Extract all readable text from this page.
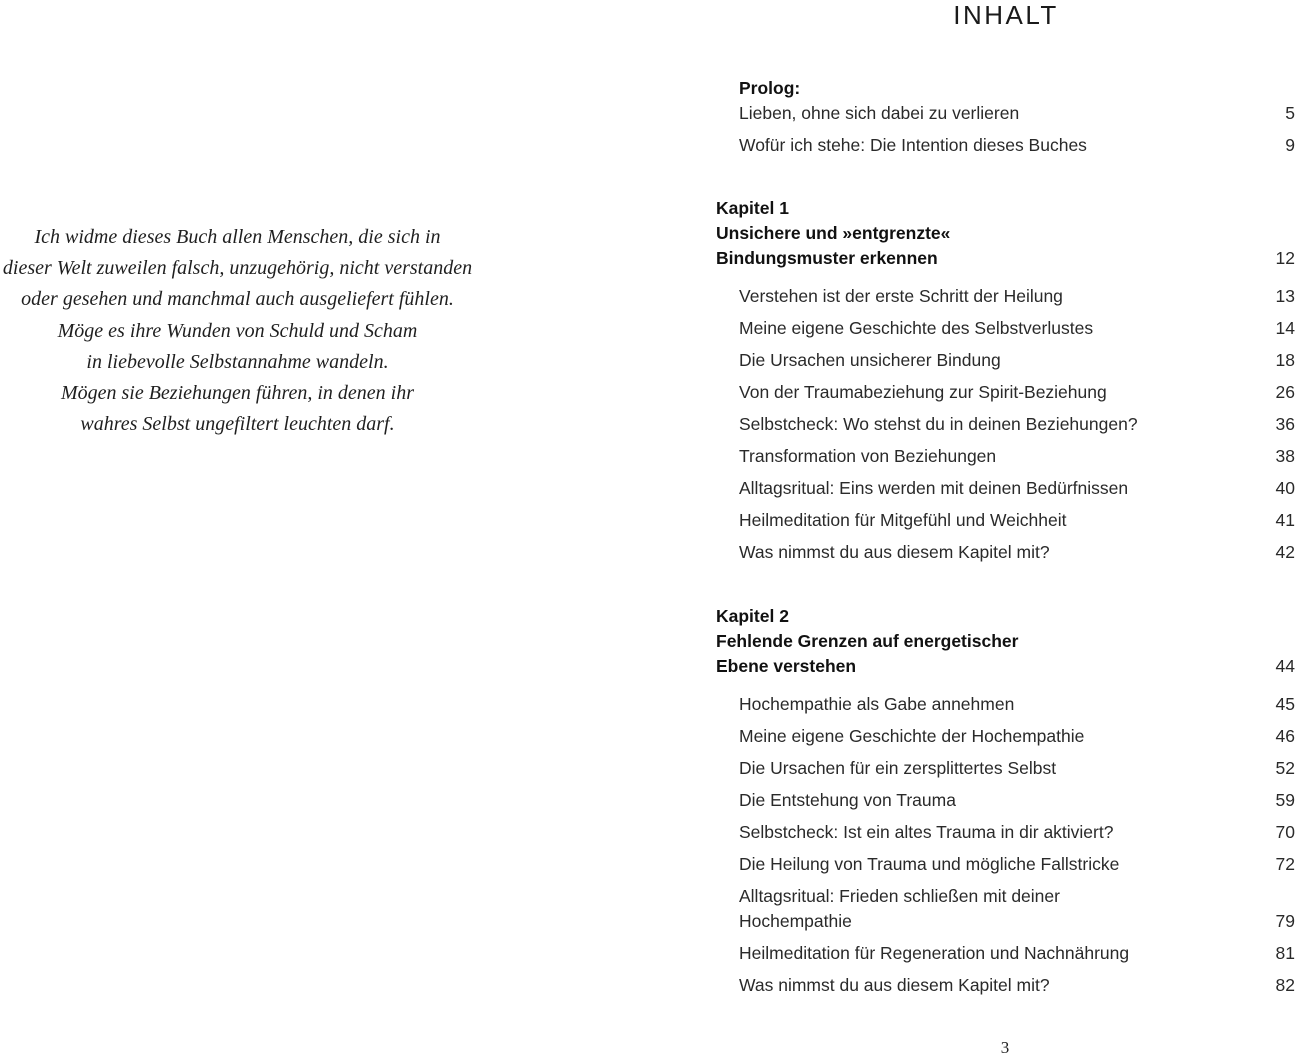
Ich widme dieses Buch allen Menschen, die sich in
dieser Welt zuweilen falsch, unzugehörig, nicht verstanden
oder gesehen und manchmal auch ausgeliefert fühlen.
Möge es ihre Wunden von Schuld und Scham
in liebevolle Selbstannahme wandeln.
Mögen sie Beziehungen führen, in denen ihr
wahres Selbst ungefiltert leuchten darf.
INHALT
Prolog:
Lieben, ohne sich dabei zu verlieren	5
Wofür ich stehe: Die Intention dieses Buches	9
Kapitel 1
Unsichere und »entgrenzte«
Bindungsmuster erkennen	12
Verstehen ist der erste Schritt der Heilung	13
Meine eigene Geschichte des Selbstverlustes	14
Die Ursachen unsicherer Bindung	18
Von der Traumabeziehung zur Spirit-Beziehung	26
Selbstcheck: Wo stehst du in deinen Beziehungen?	36
Transformation von Beziehungen	38
Alltagsritual: Eins werden mit deinen Bedürfnissen	40
Heilmeditation für Mitgefühl und Weichheit	41
Was nimmst du aus diesem Kapitel mit?	42
Kapitel 2
Fehlende Grenzen auf energetischer
Ebene verstehen	44
Hochempathie als Gabe annehmen	45
Meine eigene Geschichte der Hochempathie	46
Die Ursachen für ein zersplittertes Selbst	52
Die Entstehung von Trauma	59
Selbstcheck: Ist ein altes Trauma in dir aktiviert?	70
Die Heilung von Trauma und mögliche Fallstricke	72
Alltagsritual: Frieden schließen mit deiner
Hochempathie	79
Heilmeditation für Regeneration und Nachnährung	81
Was nimmst du aus diesem Kapitel mit?	82
3
